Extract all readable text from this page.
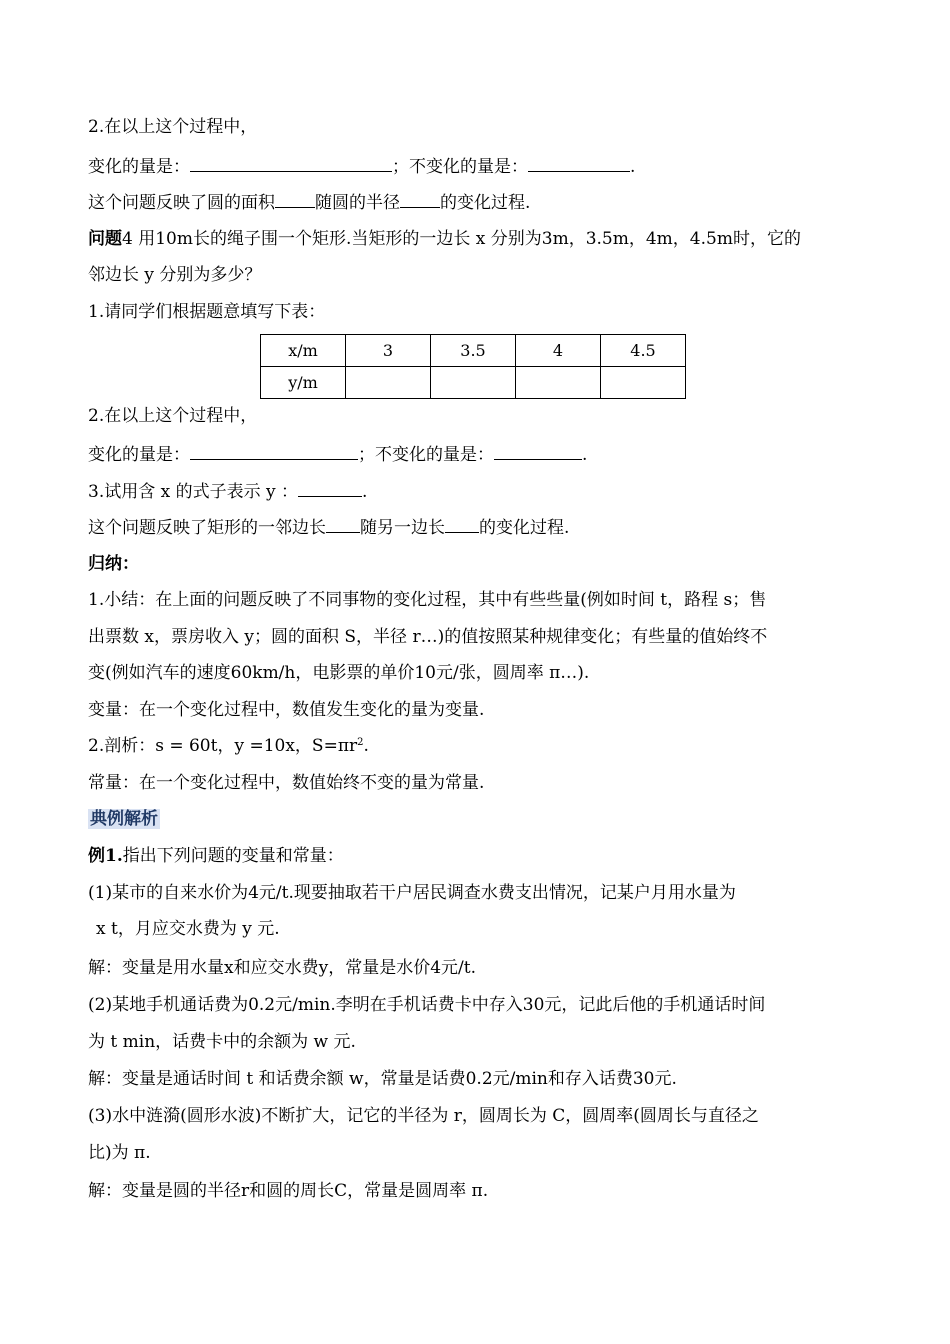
2.在以上这个过程中，
变化的量是：	；不变化的量是：	.
这个问题反映了圆的面积 随圆的半径 的变化过程.
问题4 用10m长的绳子围一个矩形.当矩形的一边长 x 分别为3m，3.5m，4m，4.5m时，它的
邻边长 y 分别为多少？
1.请同学们根据题意填写下表：
x/m	3	3.5	4	4.5
y/m				
2.在以上这个过程中，
变化的量是：	；不变化的量是：	.
3.试用含 x 的式子表示 y ：	.
这个问题反映了矩形的一邻边长 随另一边长 的变化过程.
归纳：
1.小结：在上面的问题反映了不同事物的变化过程，其中有些些量(例如时间 t，路程 s；售
出票数 x，票房收入 y；圆的面积 S，半径 r…)的值按照某种规律变化；有些量的值始终不
变(例如汽车的速度60km/h，电影票的单价10元/张，圆周率 π…).
变量：在一个变化过程中，数值发生变化的量为变量.
2.剖析：s = 60t，y =10x，$S=\pi r^2$.
常量：在一个变化过程中，数值始终不变的量为常量.
典例解析
例1.指出下列问题的变量和常量：
(1)某市的自来水价为4元/t.现要抽取若干户居民调查水费支出情况，记某户月用水量为
x t，月应交水费为 y 元.
解：变量是用水量x和应交水费y，常量是水价4元/t.
(2)某地手机通话费为0.2元/min.李明在手机话费卡中存入30元，记此后他的手机通话时间
为 t min，话费卡中的余额为 w 元.
解：变量是通话时间 t 和话费余额 w，常量是话费0.2元/min和存入话费30元.
(3)水中涟漪(圆形水波)不断扩大，记它的半径为 r，圆周长为 C，圆周率(圆周长与直径之
比)为 π.
解：变量是圆的半径r和圆的周长C，常量是圆周率 π.
